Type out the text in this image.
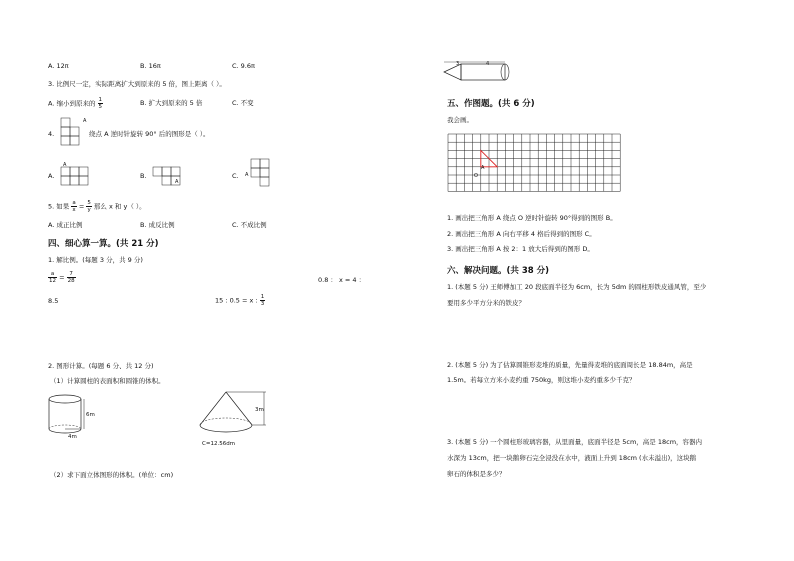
A. 12π	B. 16π	C. 9.6π
3. 比例尺一定，实际距离扩大到原来的 5 倍，图上距离（ ）。
A. 缩小到原来的 $\frac{1}{5}$	B. 扩大到原来的 5 倍	C. 不变
4.
A
绕点 A 逆时针旋转 90° 后的图形是（ ）。
A.
A
B.
A
C. A
5. 如果 $\frac{a}{x} = \frac{5}{y}$ 那么 x 和 y（ ）。
A. 成正比例	B. 成反比例	C. 不成比例
四、细心算一算。(共 21 分)
1. 解比例。(每题 3 分，共 9 分)
$\frac{a}{12} = \frac{7}{28}$	0.8 ： x = 4 ：
8.5	15 : 0.5 = x : $\frac{1}{3}$
2. 图形计算。(每题 6 分、共 12 分)
（1）计算圆柱的表面积和圆锥的体积。
6m
4m
3m
C=12.56dm
（2）求下面立体图形的体积。(单位：cm)
3	4
五、作图题。(共 6 分)
我会画。
A
O
1. 画出把三角形 A 绕点 O 逆时针旋转 90°得到的图形 B。
2. 画出把三角形 A 向右平移 4 格后得到的图形 C。
3. 画出把三角形 A 按 2：1 放大后得到的图形 D。
六、解决问题。(共 38 分)
1. (本题 5 分) 王师傅加工 20 段底面半径为 6cm，长为 5dm 的圆柱形铁皮通风管，至少
要用多少平方分米的铁皮？
2. (本题 5 分) 为了估算圆锥形麦堆的质量，先量得麦堆的底面周长是 18.84m，高是
1.5m。若每立方米小麦约重 750kg，则这堆小麦约重多少千克？
3. (本题 5 分) 一个圆柱形玻璃容器，从里面量，底面半径是 5cm，高是 18cm，容器内
水深为 13cm，把一块鹅卵石完全浸没在水中，液面上升到 18cm (水未溢出)，这块鹅
卵石的体积是多少？
